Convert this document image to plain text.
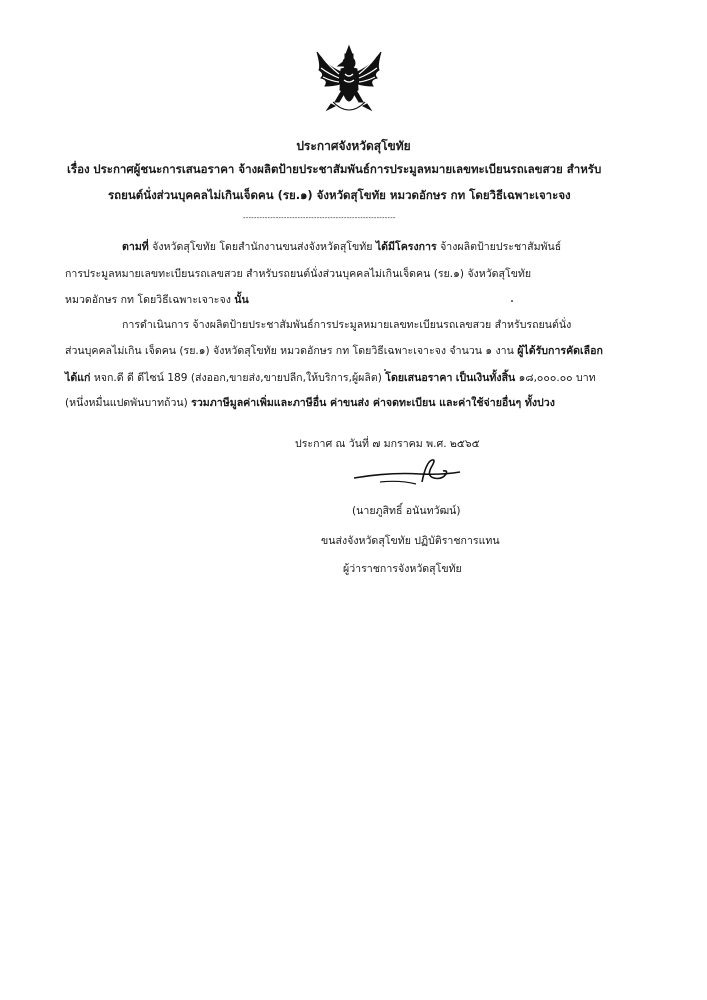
ประกาศจังหวัดสุโขทัย
เรื่อง ประกาศผู้ชนะการเสนอราคา จ้างผลิตป้ายประชาสัมพันธ์การประมูลหมายเลขทะเบียนรถเลขสวย สำหรับ
รถยนต์นั่งส่วนบุคคลไม่เกินเจ็ดคน (รย.๑) จังหวัดสุโขทัย หมวดอักษร กท โดยวิธีเฉพาะเจาะจง
--------------------------------------------------------
ตามที่ จังหวัดสุโขทัย โดยสำนักงานขนส่งจังหวัดสุโขทัย ได้มีโครงการ จ้างผลิตป้ายประชาสัมพันธ์
การประมูลหมายเลขทะเบียนรถเลขสวย สำหรับรถยนต์นั่งส่วนบุคคลไม่เกินเจ็ดคน (รย.๑) จังหวัดสุโขทัย
หมวดอักษร กท โดยวิธีเฉพาะเจาะจง นั้น
การดำเนินการ จ้างผลิตป้ายประชาสัมพันธ์การประมูลหมายเลขทะเบียนรถเลขสวย สำหรับรถยนต์นั่ง
ส่วนบุคคลไม่เกิน เจ็ดคน (รย.๑) จังหวัดสุโขทัย หมวดอักษร กท โดยวิธีเฉพาะเจาะจง จำนวน ๑ งาน ผู้ได้รับการคัดเลือก
ได้แก่ หจก.ดี ดี ดีไซน์ 189 (ส่งออก,ขายส่ง,ขายปลีก,ให้บริการ,ผู้ผลิต) โดยเสนอราคา เป็นเงินทั้งสิ้น ๑๘,๐๐๐.๐๐ บาท
(หนึ่งหมื่นแปดพันบาทถ้วน) รวมภาษีมูลค่าเพิ่มและภาษีอื่น ค่าขนส่ง ค่าจดทะเบียน และค่าใช้จ่ายอื่นๆ ทั้งปวง
ประกาศ ณ วันที่ ๗ มกราคม พ.ศ. ๒๕๖๕
(นายภูสิทธิ์ อนันทวัฒน์)
ขนส่งจังหวัดสุโขทัย ปฏิบัติราชการแทน
ผู้ว่าราชการจังหวัดสุโขทัย
